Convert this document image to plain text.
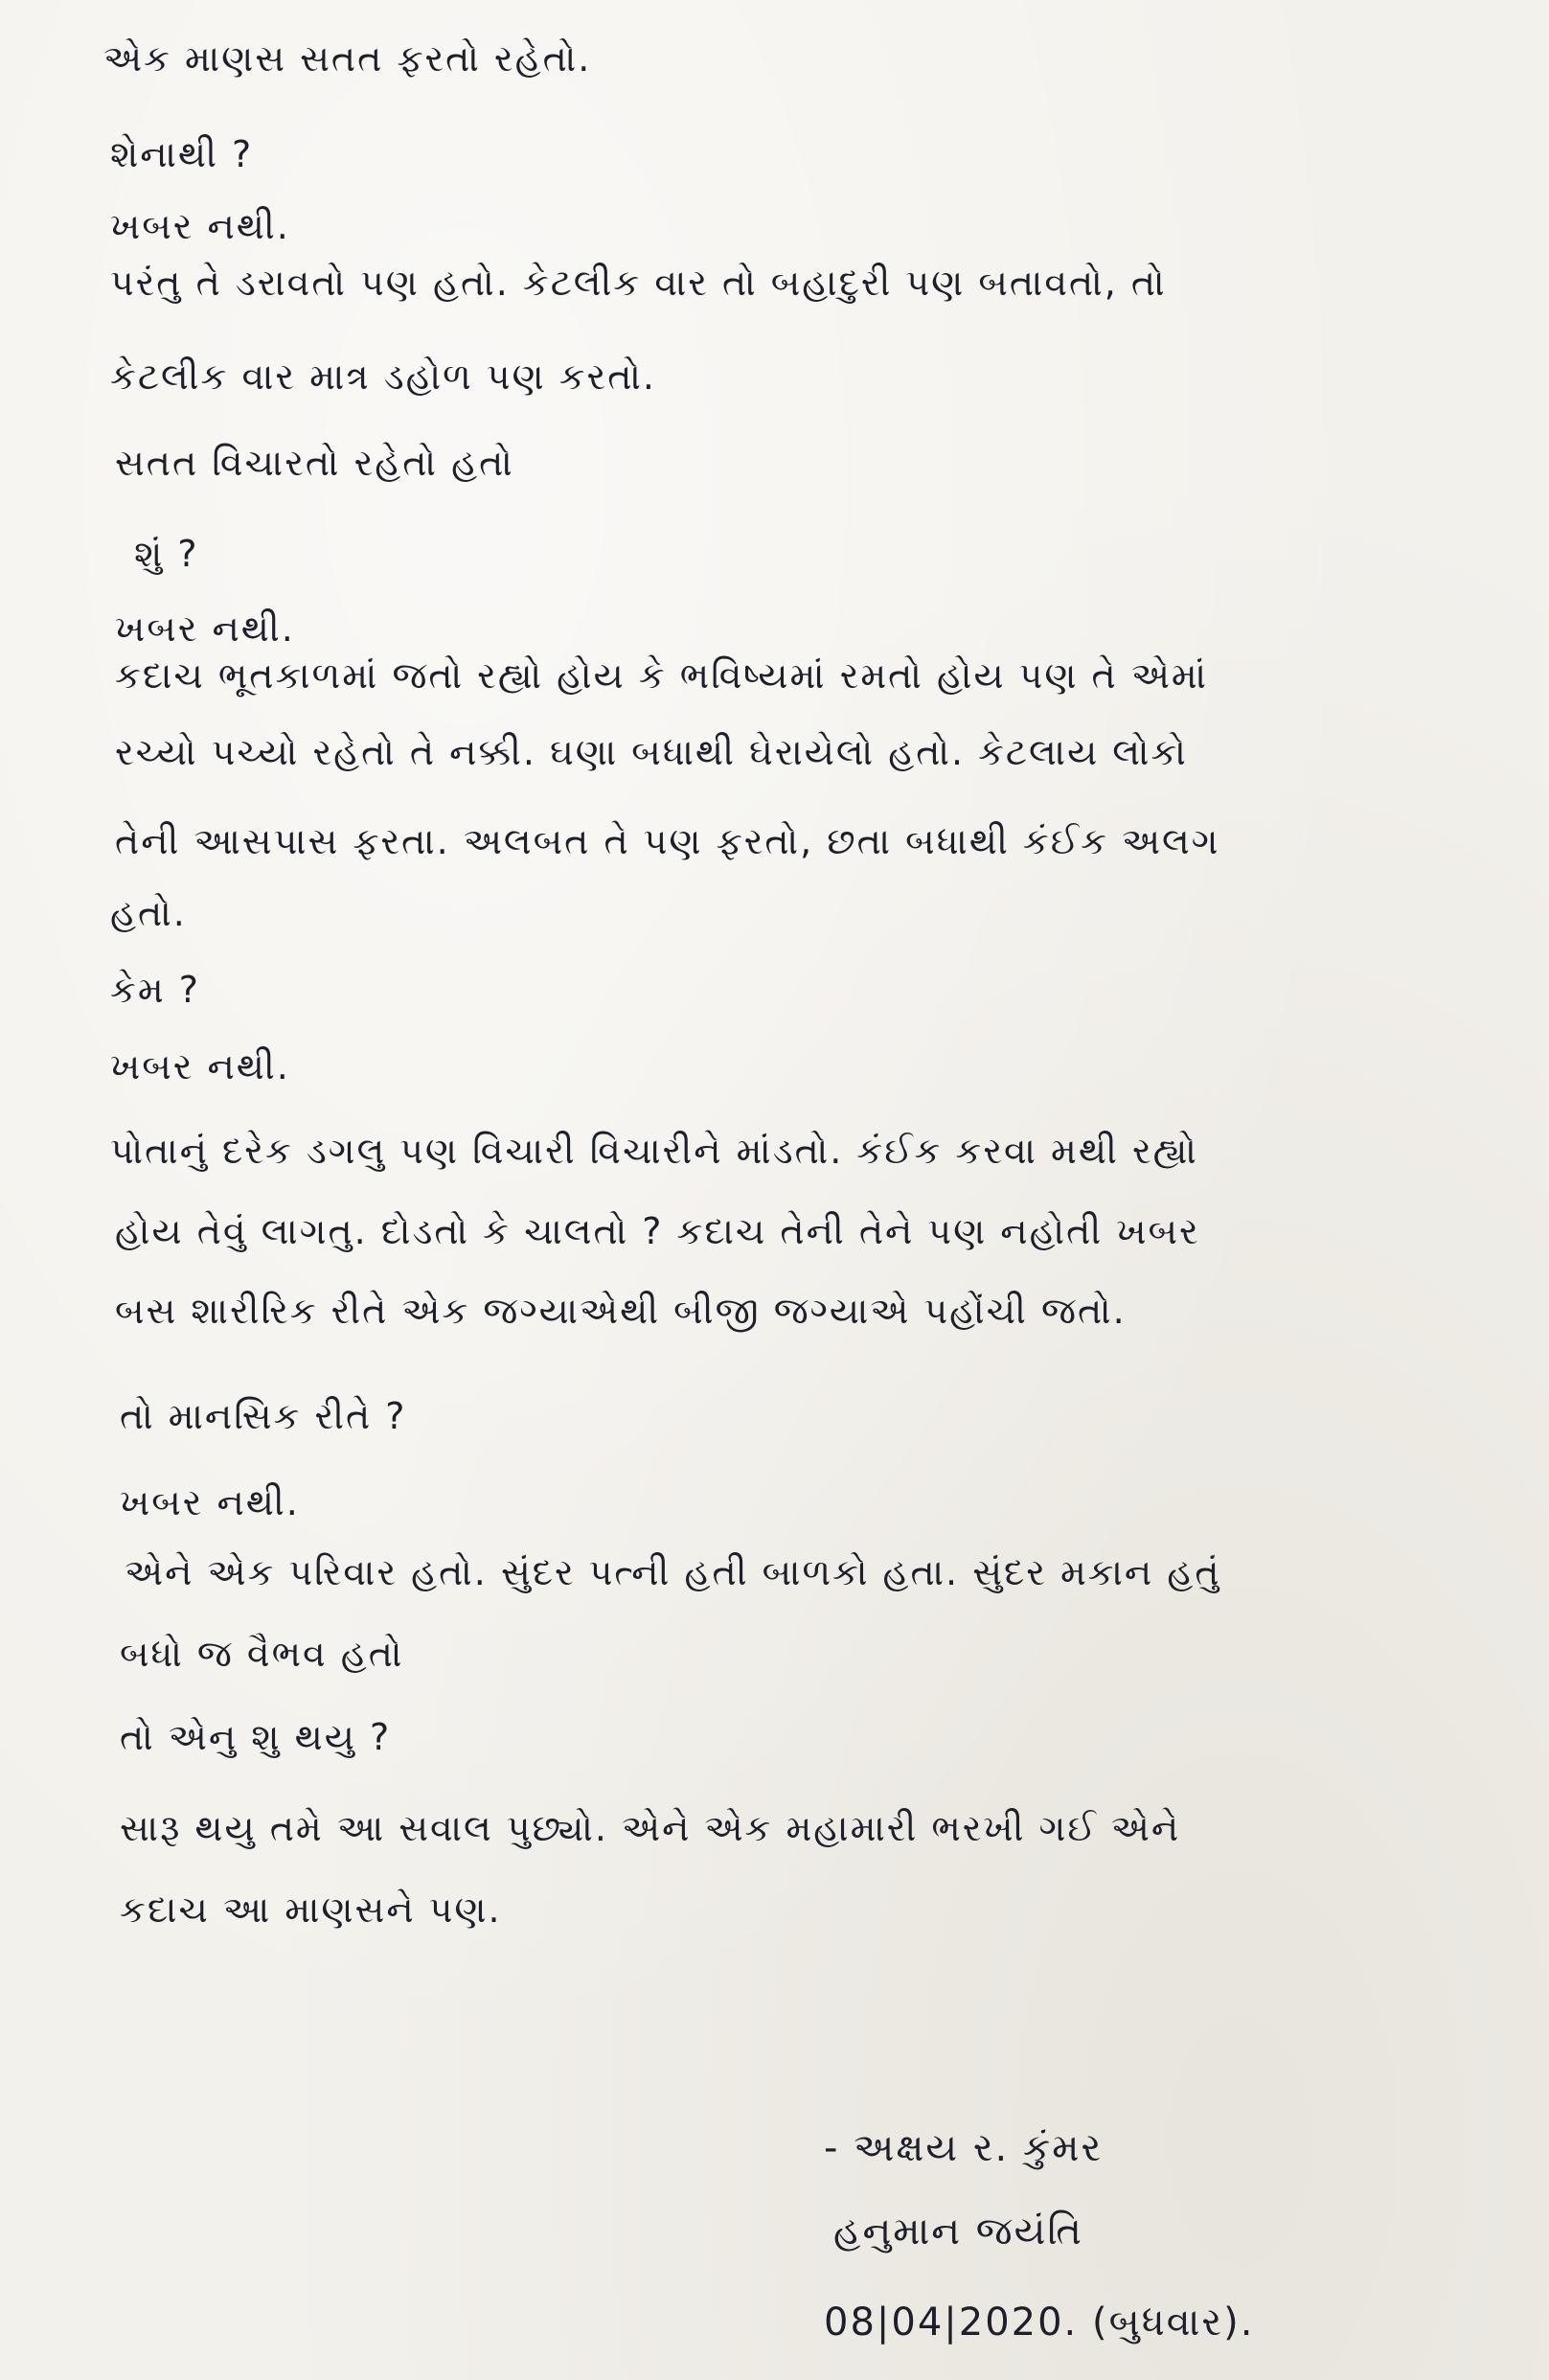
એક માણસ સતત ફરતો રહેતો.
શેનાથી ?
ખબર નથી.
પરંતુ તે ડરાવતો પણ હતો. કેટલીક વાર તો બહાદુરી પણ બતાવતો, તો
કેટલીક વાર માત્ર ડહોળ પણ કરતો.
સતત વિચારતો રહેતો હતો
શું ?
ખબર નથી.
કદાચ ભૂતકાળમાં જતો રહ્યો હોય કે ભવિષ્યમાં રમતો હોય પણ તે એમાં
રચ્યો પચ્યો રહેતો તે નક્કી. ઘણા બધાથી ઘેરાયેલો હતો. કેટલાય લોકો
તેની આસપાસ ફરતા. અલબત તે પણ ફરતો, છતા બધાથી કંઈક અલગ
હતો.
કેમ ?
ખબર નથી.
પોતાનું દરેક ડગલુ પણ વિચારી વિચારીને માંડતો. કંઈક કરવા મથી રહ્યો
હોય તેવું લાગતુ. દોડતો કે ચાલતો ? કદાચ તેની તેને પણ નહોતી ખબર
બસ શારીરિક રીતે એક જગ્યાએથી બીજી જગ્યાએ પહોંચી જતો.
તો માનસિક રીતે ?
ખબર નથી.
એને એક પરિવાર હતો. સુંદર પત્ની હતી બાળકો હતા. સુંદર મકાન હતું
બધો જ વૈભવ હતો
તો એનુ શુ થયુ ?
સારૂ થયુ તમે આ સવાલ પુછ્યો. એને એક મહામારી ભરખી ગઈ એને
કદાચ આ માણસને પણ.
- અક્ષય ર. કુંમર
હનુમાન જયંતિ
08|04|2020. (બુધવાર).
